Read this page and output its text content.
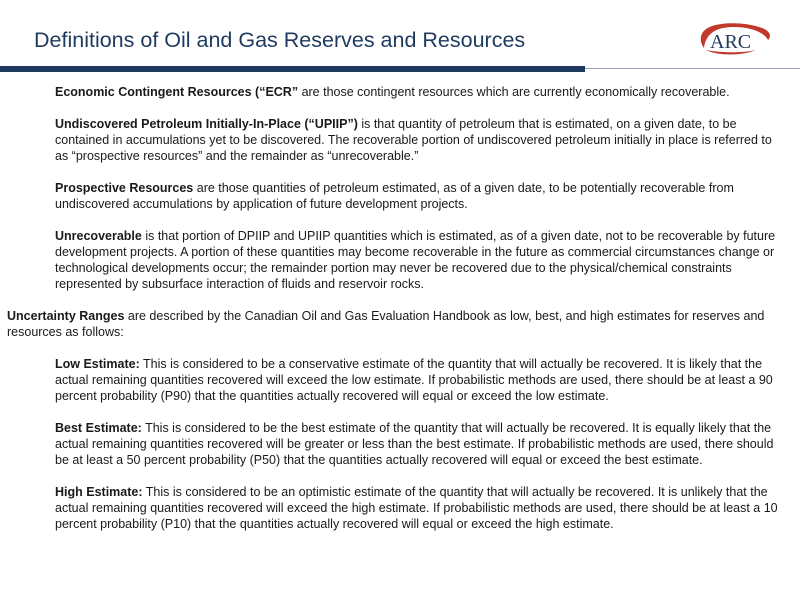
Definitions of Oil and Gas Reserves and Resources	ARC

Economic Contingent Resources (“ECR” are those contingent resources which are currently economically recoverable.

Undiscovered Petroleum Initially-In-Place (“UPIIP”) is that quantity of petroleum that is estimated, on a given date, to be contained in accumulations yet to be discovered. The recoverable portion of undiscovered petroleum initially in place is referred to as “prospective resources” and the remainder as “unrecoverable.”

Prospective Resources are those quantities of petroleum estimated, as of a given date, to be potentially recoverable from undiscovered accumulations by application of future development projects.

Unrecoverable is that portion of DPIIP and UPIIP quantities which is estimated, as of a given date, not to be recoverable by future development projects. A portion of these quantities may become recoverable in the future as commercial circumstances change or technological developments occur; the remainder portion may never be recovered due to the physical/chemical constraints represented by subsurface interaction of fluids and reservoir rocks.

Uncertainty Ranges are described by the Canadian Oil and Gas Evaluation Handbook as low, best, and high estimates for reserves and resources as follows:

Low Estimate: This is considered to be a conservative estimate of the quantity that will actually be recovered. It is likely that the actual remaining quantities recovered will exceed the low estimate. If probabilistic methods are used, there should be at least a 90 percent probability (P90) that the quantities actually recovered will equal or exceed the low estimate.

Best Estimate: This is considered to be the best estimate of the quantity that will actually be recovered. It is equally likely that the actual remaining quantities recovered will be greater or less than the best estimate. If probabilistic methods are used, there should be at least a 50 percent probability (P50) that the quantities actually recovered will equal or exceed the best estimate.

High Estimate: This is considered to be an optimistic estimate of the quantity that will actually be recovered. It is unlikely that the actual remaining quantities recovered will exceed the high estimate. If probabilistic methods are used, there should be at least a 10 percent probability (P10) that the quantities actually recovered will equal or exceed the high estimate.
